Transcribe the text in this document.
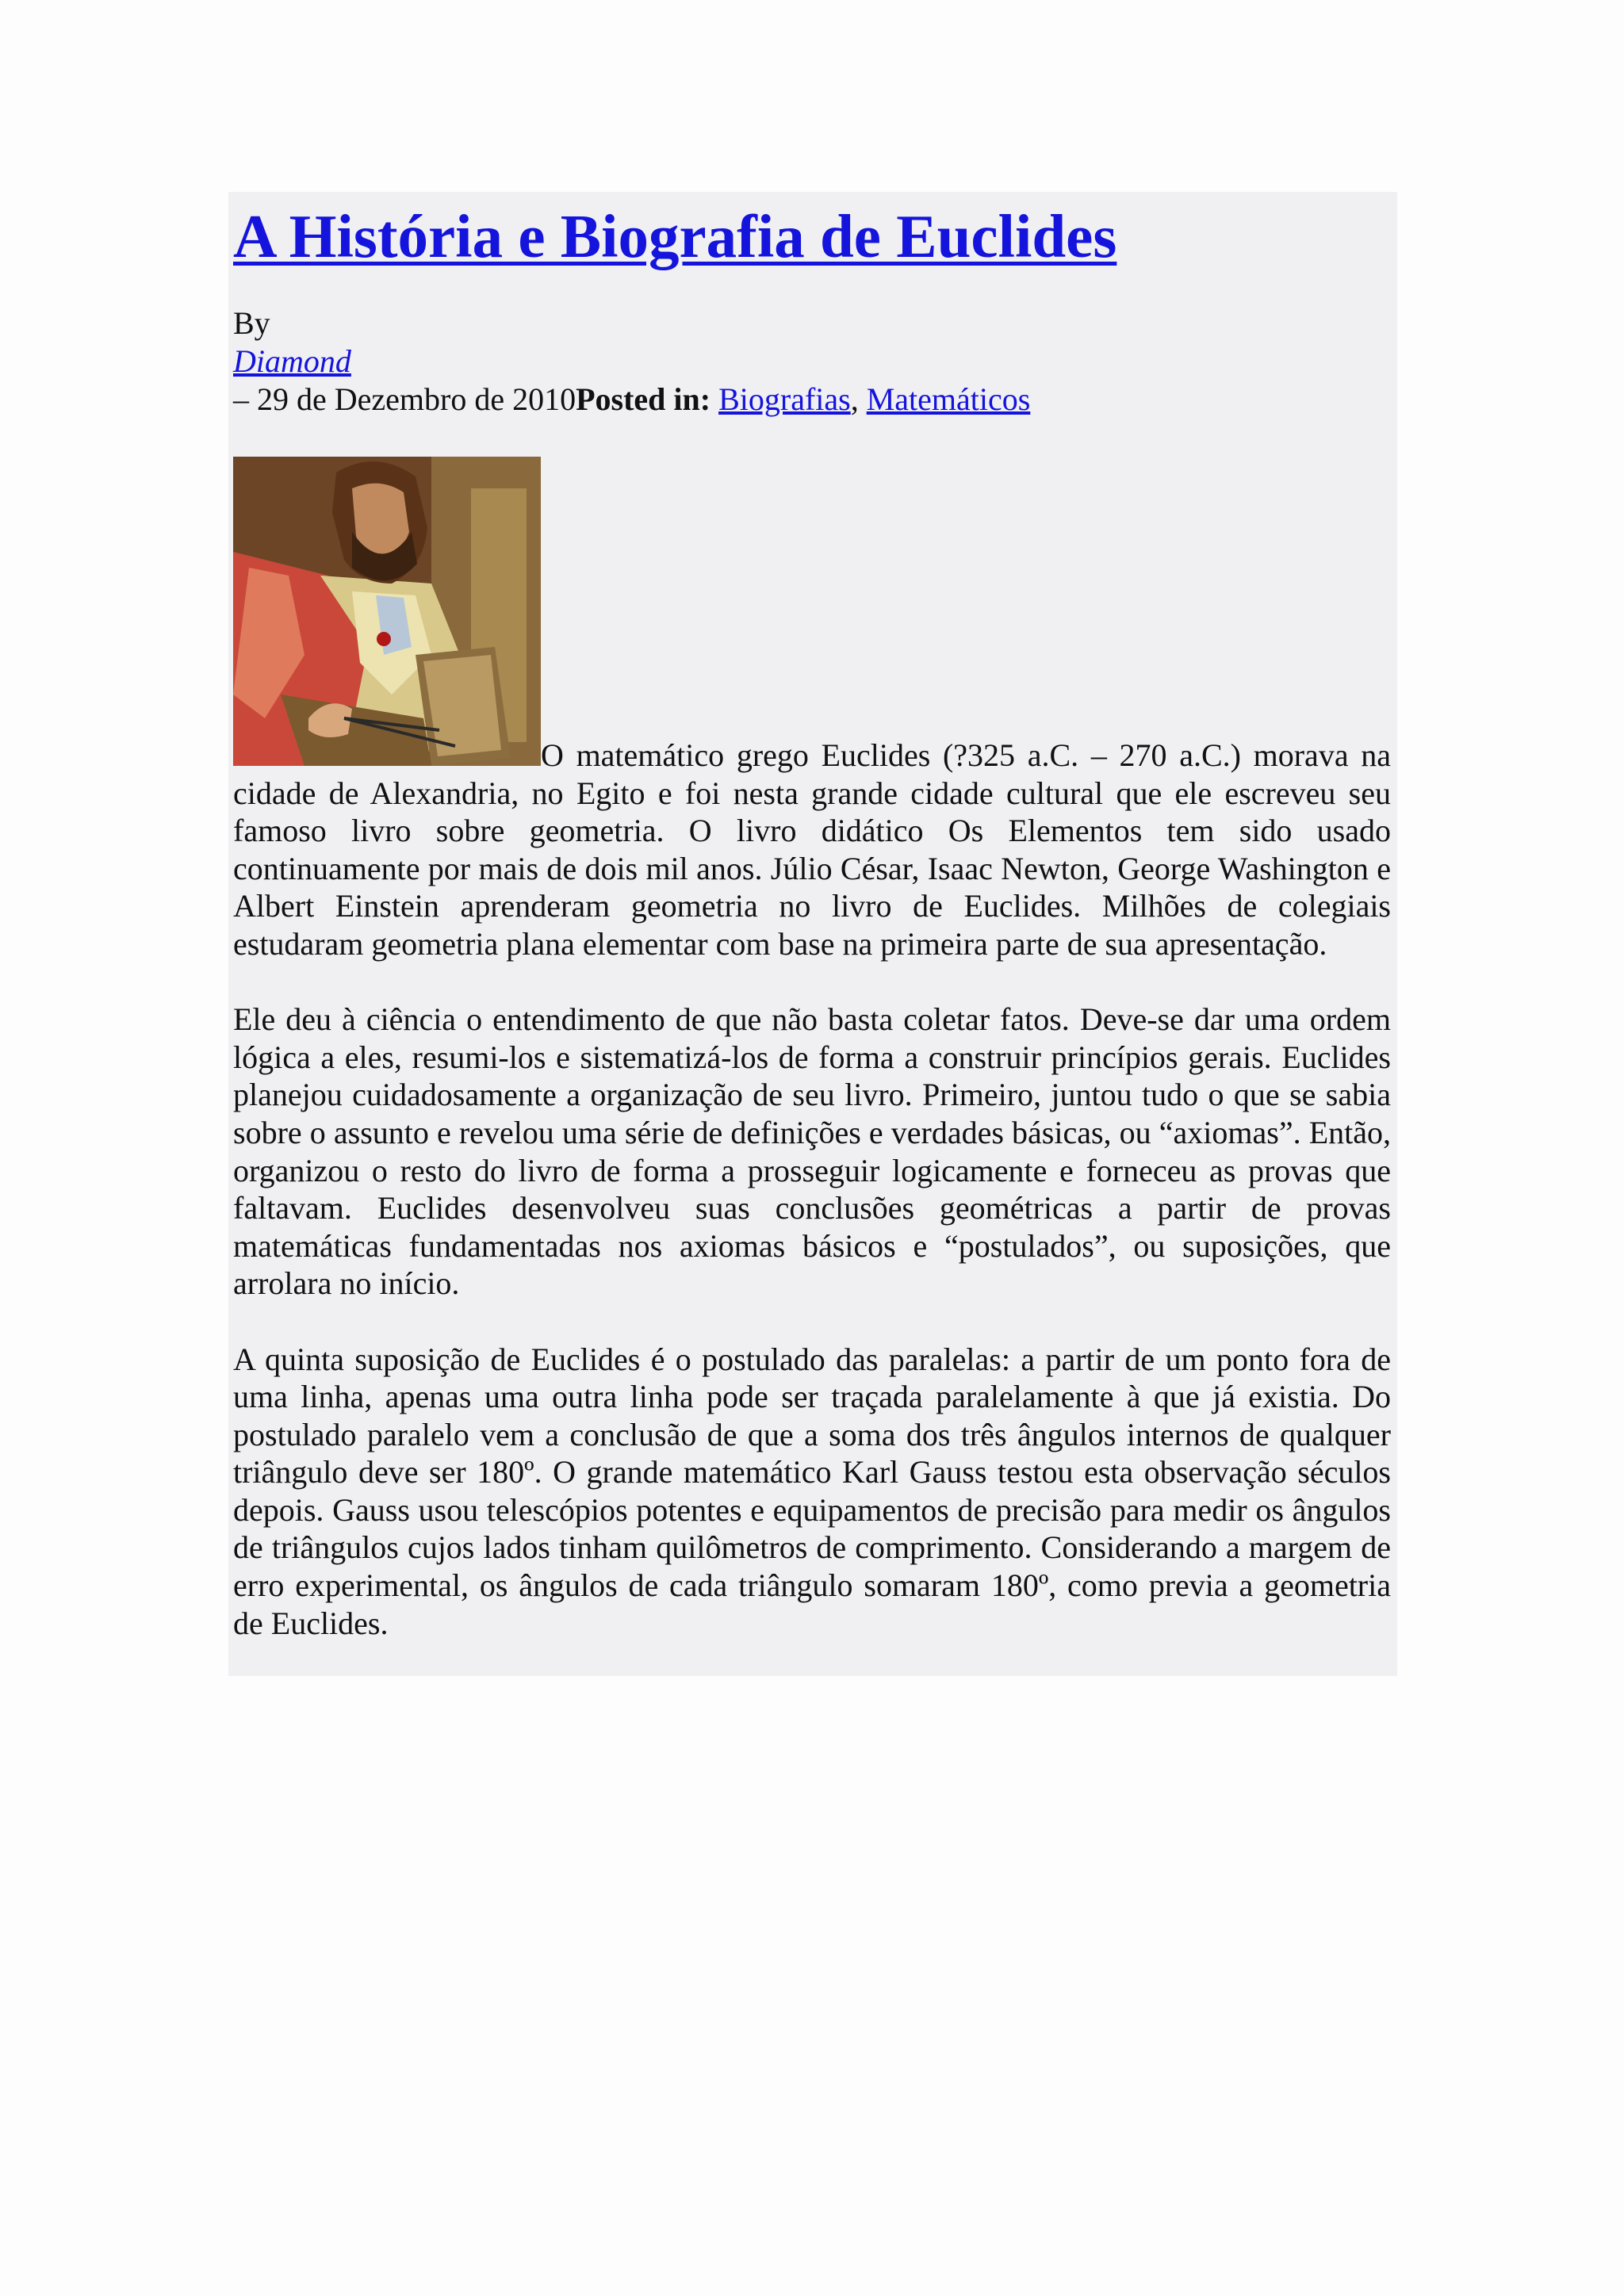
A História e Biografia de Euclides
By
Diamond
– 29 de Dezembro de 2010Posted in: Biografias, Matemáticos

O matemático grego Euclides (?325 a.C. – 270 a.C.) morava na cidade de Alexandria, no Egito e foi nesta grande cidade cultural que ele escreveu seu famoso livro sobre geometria. O livro didático Os Elementos tem sido usado continuamente por mais de dois mil anos. Júlio César, Isaac Newton, George Washington e Albert Einstein aprenderam geometria no livro de Euclides. Milhões de colegiais estudaram geometria plana elementar com base na primeira parte de sua apresentação.

Ele deu à ciência o entendimento de que não basta coletar fatos. Deve-se dar uma ordem lógica a eles, resumi-los e sistematizá-los de forma a construir princípios gerais. Euclides planejou cuidadosamente a organização de seu livro. Primeiro, juntou tudo o que se sabia sobre o assunto e revelou uma série de definições e verdades básicas, ou “axiomas”. Então, organizou o resto do livro de forma a prosseguir logicamente e forneceu as provas que faltavam. Euclides desenvolveu suas conclusões geométricas a partir de provas matemáticas fundamentadas nos axiomas básicos e “postulados”, ou suposições, que arrolara no início.

A quinta suposição de Euclides é o postulado das paralelas: a partir de um ponto fora de uma linha, apenas uma outra linha pode ser traçada paralelamente à que já existia. Do postulado paralelo vem a conclusão de que a soma dos três ângulos internos de qualquer triângulo deve ser 180º. O grande matemático Karl Gauss testou esta observação séculos depois. Gauss usou telescópios potentes e equipamentos de precisão para medir os ângulos de triângulos cujos lados tinham quilômetros de comprimento. Considerando a margem de erro experimental, os ângulos de cada triângulo somaram 180º, como previa a geometria de Euclides.
